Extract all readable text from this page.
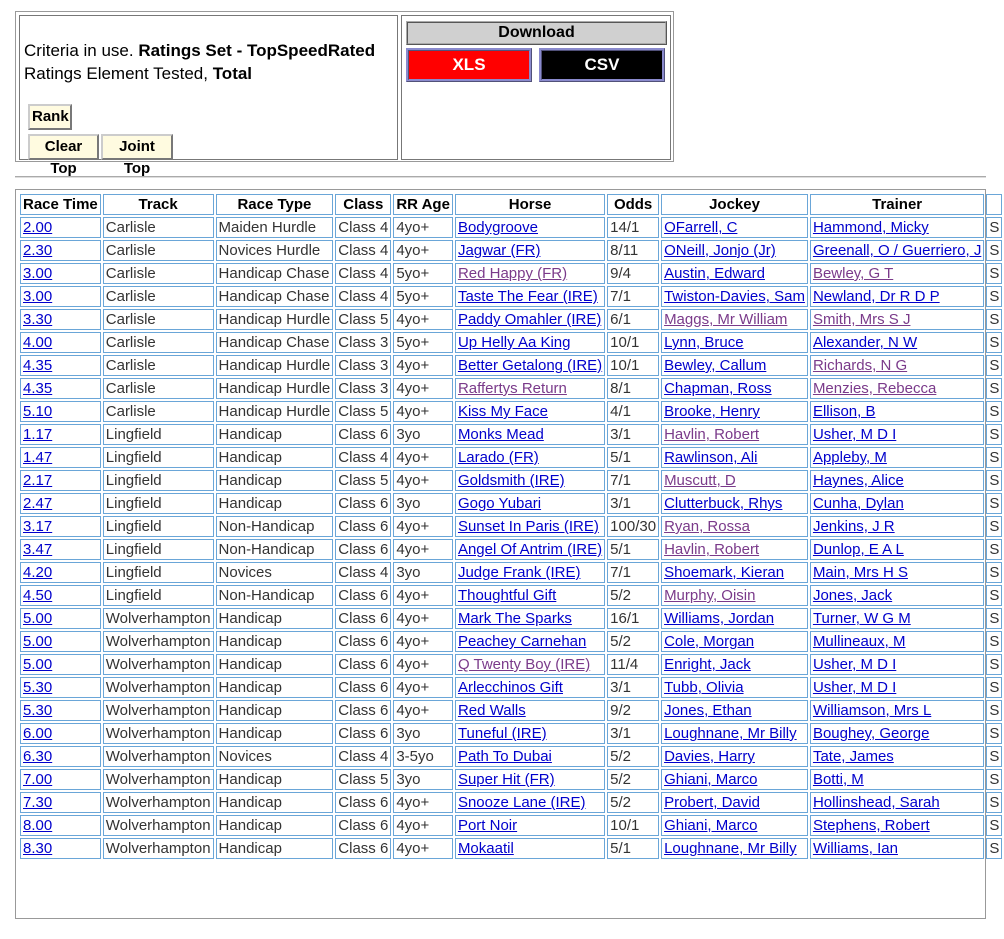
Criteria in use. Ratings Set - TopSpeedRated
Ratings Element Tested, Total
Rank
Clear Top
Joint Top
Download
XLS	CSV
Race Time	Track	Race Type	Class	RR Age	Horse	Odds	Jockey	Trainer	
2.00	Carlisle	Maiden Hurdle	Class 4	4yo+	Bodygroove	14/1	OFarrell, C	Hammond, Micky	S
2.30	Carlisle	Novices Hurdle	Class 4	4yo+	Jagwar (FR)	8/11	ONeill, Jonjo (Jr)	Greenall, O / Guerriero, J	S
3.00	Carlisle	Handicap Chase	Class 4	5yo+	Red Happy (FR)	9/4	Austin, Edward	Bewley, G T	S
3.00	Carlisle	Handicap Chase	Class 4	5yo+	Taste The Fear (IRE)	7/1	Twiston-Davies, Sam	Newland, Dr R D P	S
3.30	Carlisle	Handicap Hurdle	Class 5	4yo+	Paddy Omahler (IRE)	6/1	Maggs, Mr William	Smith, Mrs S J	S
4.00	Carlisle	Handicap Chase	Class 3	5yo+	Up Helly Aa King	10/1	Lynn, Bruce	Alexander, N W	S
4.35	Carlisle	Handicap Hurdle	Class 3	4yo+	Better Getalong (IRE)	10/1	Bewley, Callum	Richards, N G	S
4.35	Carlisle	Handicap Hurdle	Class 3	4yo+	Raffertys Return	8/1	Chapman, Ross	Menzies, Rebecca	S
5.10	Carlisle	Handicap Hurdle	Class 5	4yo+	Kiss My Face	4/1	Brooke, Henry	Ellison, B	S
1.17	Lingfield	Handicap	Class 6	3yo	Monks Mead	3/1	Havlin, Robert	Usher, M D I	S
1.47	Lingfield	Handicap	Class 4	4yo+	Larado (FR)	5/1	Rawlinson, Ali	Appleby, M	S
2.17	Lingfield	Handicap	Class 5	4yo+	Goldsmith (IRE)	7/1	Muscutt, D	Haynes, Alice	S
2.47	Lingfield	Handicap	Class 6	3yo	Gogo Yubari	3/1	Clutterbuck, Rhys	Cunha, Dylan	S
3.17	Lingfield	Non-Handicap	Class 6	4yo+	Sunset In Paris (IRE)	100/30	Ryan, Rossa	Jenkins, J R	S
3.47	Lingfield	Non-Handicap	Class 6	4yo+	Angel Of Antrim (IRE)	5/1	Havlin, Robert	Dunlop, E A L	S
4.20	Lingfield	Novices	Class 4	3yo	Judge Frank (IRE)	7/1	Shoemark, Kieran	Main, Mrs H S	S
4.50	Lingfield	Non-Handicap	Class 6	4yo+	Thoughtful Gift	5/2	Murphy, Oisin	Jones, Jack	S
5.00	Wolverhampton	Handicap	Class 6	4yo+	Mark The Sparks	16/1	Williams, Jordan	Turner, W G M	S
5.00	Wolverhampton	Handicap	Class 6	4yo+	Peachey Carnehan	5/2	Cole, Morgan	Mullineaux, M	S
5.00	Wolverhampton	Handicap	Class 6	4yo+	Q Twenty Boy (IRE)	11/4	Enright, Jack	Usher, M D I	S
5.30	Wolverhampton	Handicap	Class 6	4yo+	Arlecchinos Gift	3/1	Tubb, Olivia	Usher, M D I	S
5.30	Wolverhampton	Handicap	Class 6	4yo+	Red Walls	9/2	Jones, Ethan	Williamson, Mrs L	S
6.00	Wolverhampton	Handicap	Class 6	3yo	Tuneful (IRE)	3/1	Loughnane, Mr Billy	Boughey, George	S
6.30	Wolverhampton	Novices	Class 4	3-5yo	Path To Dubai	5/2	Davies, Harry	Tate, James	S
7.00	Wolverhampton	Handicap	Class 5	3yo	Super Hit (FR)	5/2	Ghiani, Marco	Botti, M	S
7.30	Wolverhampton	Handicap	Class 6	4yo+	Snooze Lane (IRE)	5/2	Probert, David	Hollinshead, Sarah	S
8.00	Wolverhampton	Handicap	Class 6	4yo+	Port Noir	10/1	Ghiani, Marco	Stephens, Robert	S
8.30	Wolverhampton	Handicap	Class 6	4yo+	Mokaatil	5/1	Loughnane, Mr Billy	Williams, Ian	S
